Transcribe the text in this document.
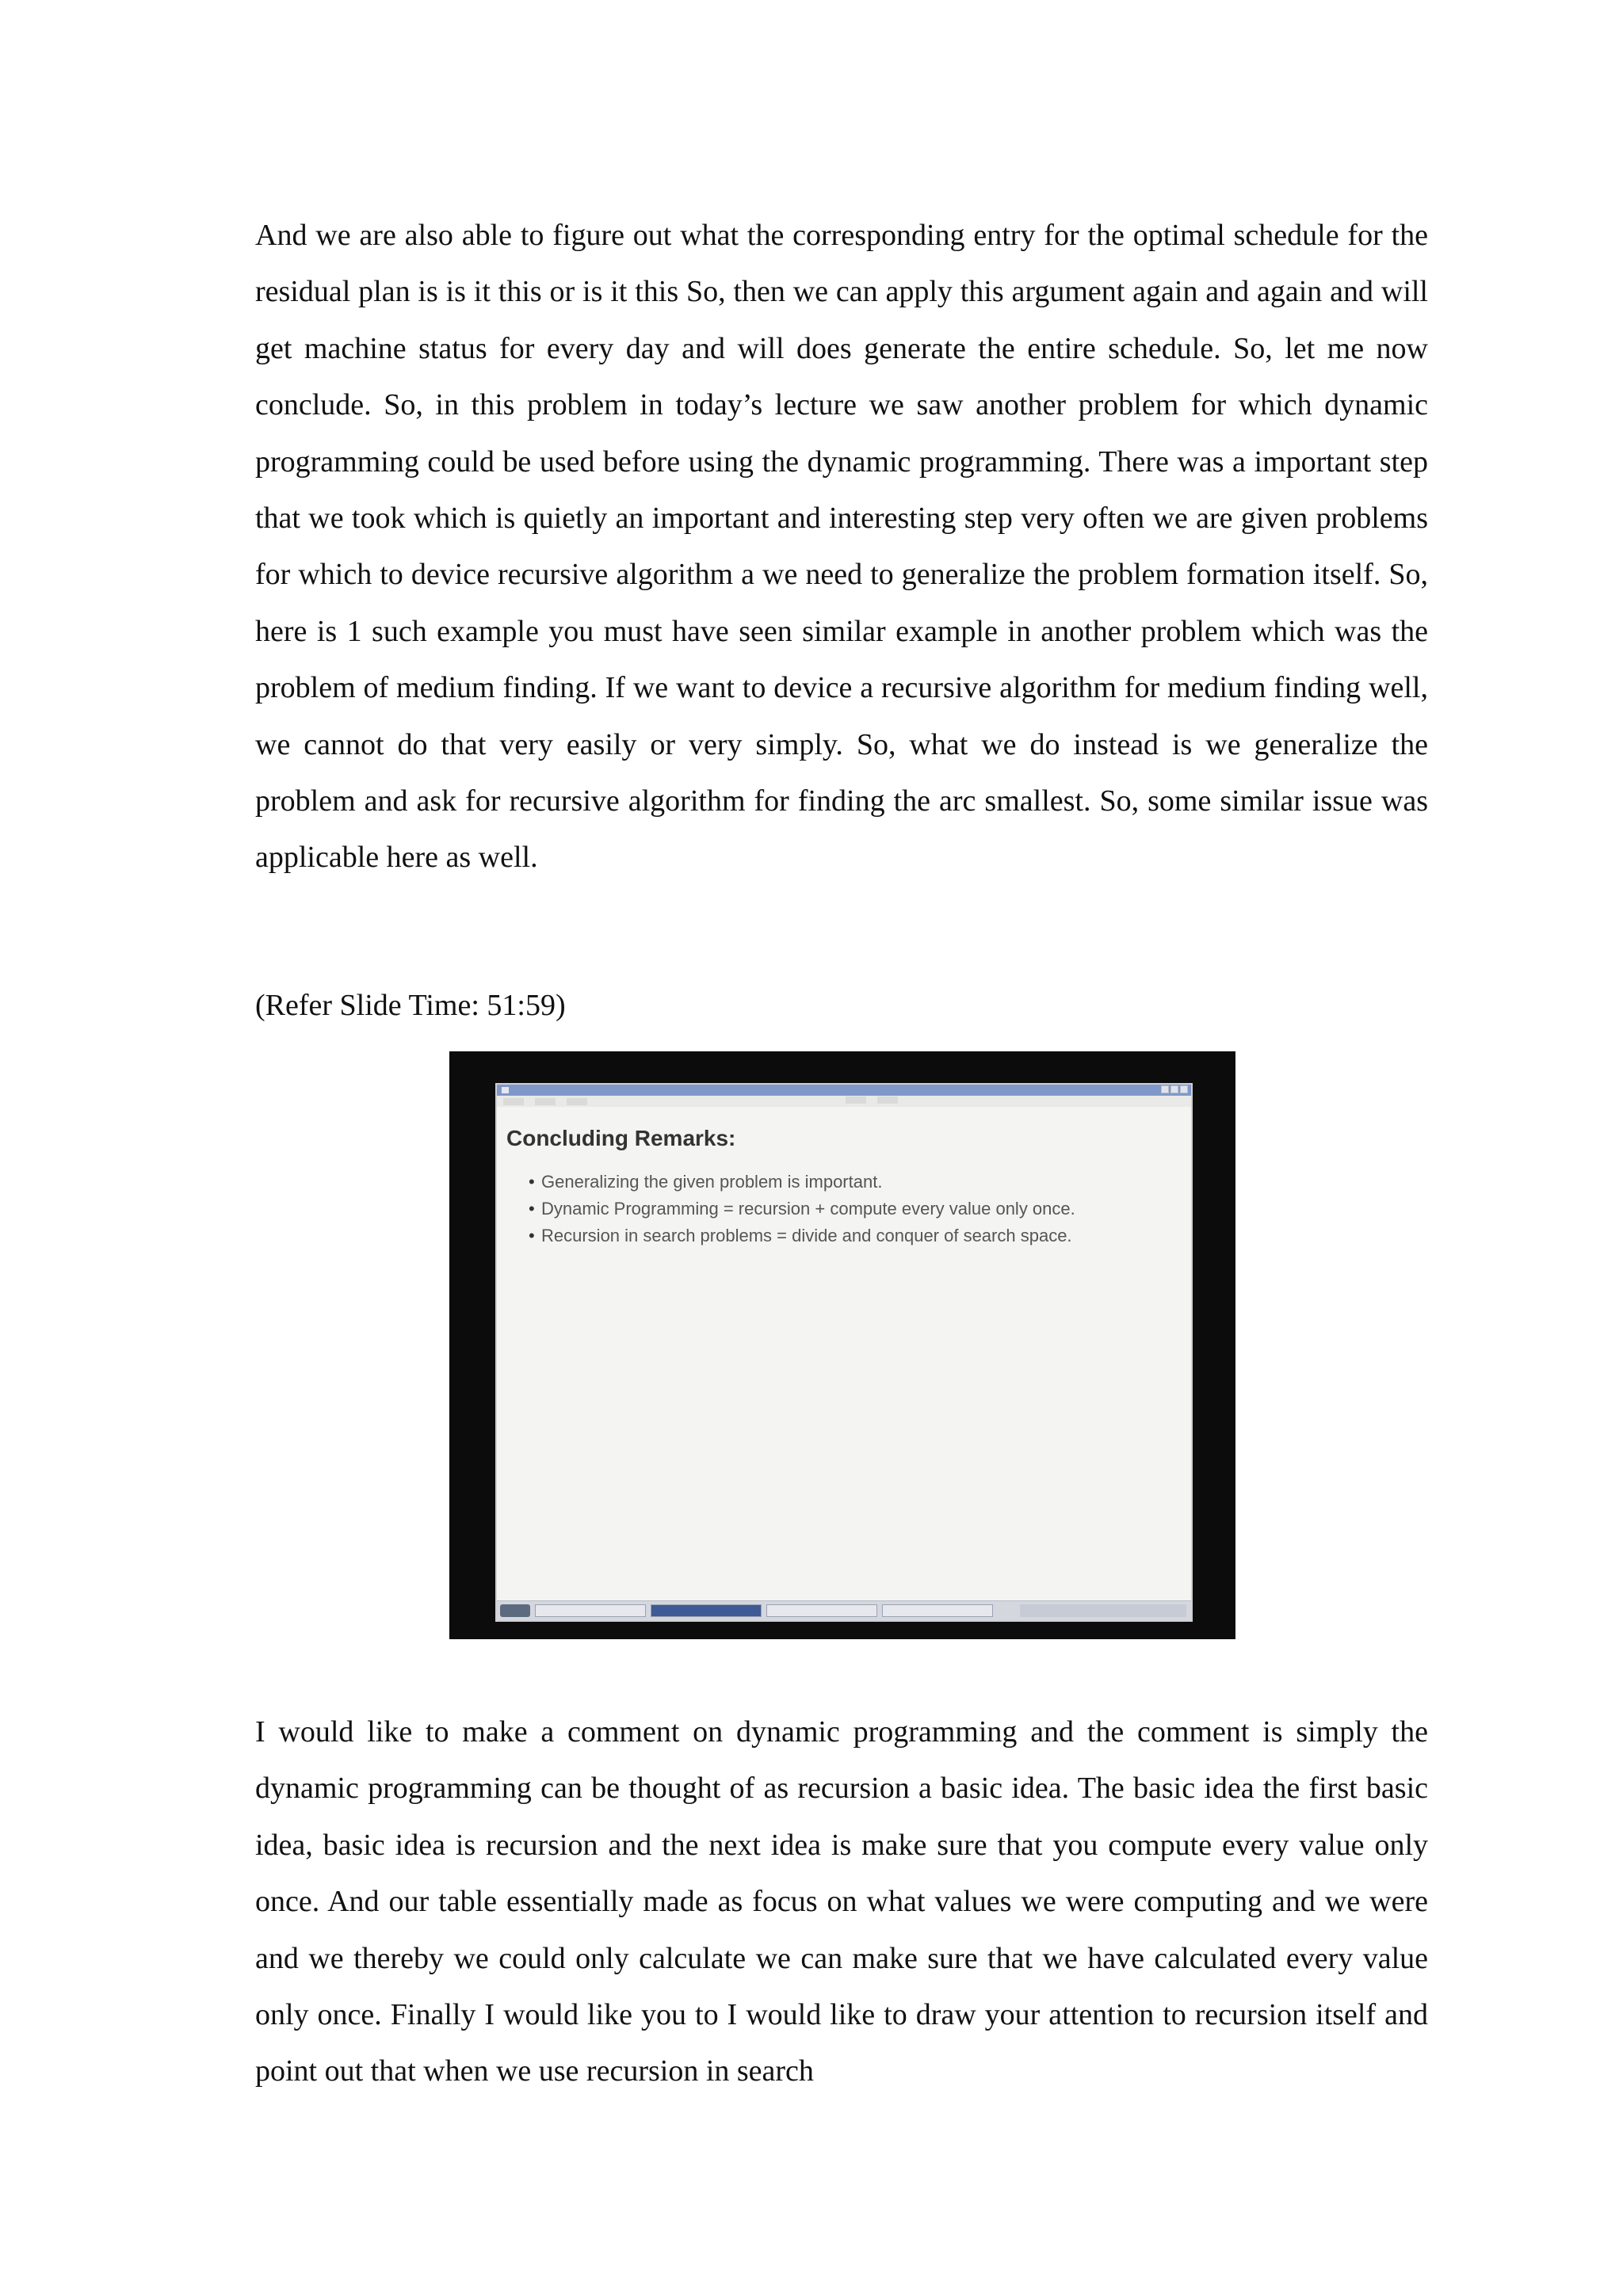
And we are also able to figure out what the corresponding entry for the optimal schedule for the residual plan is is it this or is it this So, then we can apply this argument again and again and will get machine status for every day and will does generate the entire schedule. So, let me now conclude. So, in this problem in today’s lecture we saw another problem for which dynamic programming could be used before using the dynamic programming. There was a important step that we took which is quietly an important and interesting step very often we are given problems for which to device recursive algorithm a we need to generalize the problem formation itself. So, here is 1 such example you must have seen similar example in another problem which was the problem of medium finding. If we want to device a recursive algorithm for medium finding well, we cannot do that very easily or very simply. So, what we do instead is we generalize the problem and ask for recursive algorithm for finding the arc smallest. So, some similar issue was applicable here as well.

(Refer Slide Time: 51:59)

I would like to make a comment on dynamic programming and the comment is simply the dynamic programming can be thought of as recursion a basic idea. The basic idea the first basic idea, basic idea is recursion and the next idea is make sure that you compute every value only once. And our table essentially made as focus on what values we were computing and we were and we thereby we could only calculate we can make sure that we have calculated every value only once. Finally I would like you to I would like to draw your attention to recursion itself and point out that when we use recursion in search

Concluding Remarks:
• Generalizing the given problem is important.
• Dynamic Programming = recursion + compute every value only once.
• Recursion in search problems = divide and conquer of search space.
